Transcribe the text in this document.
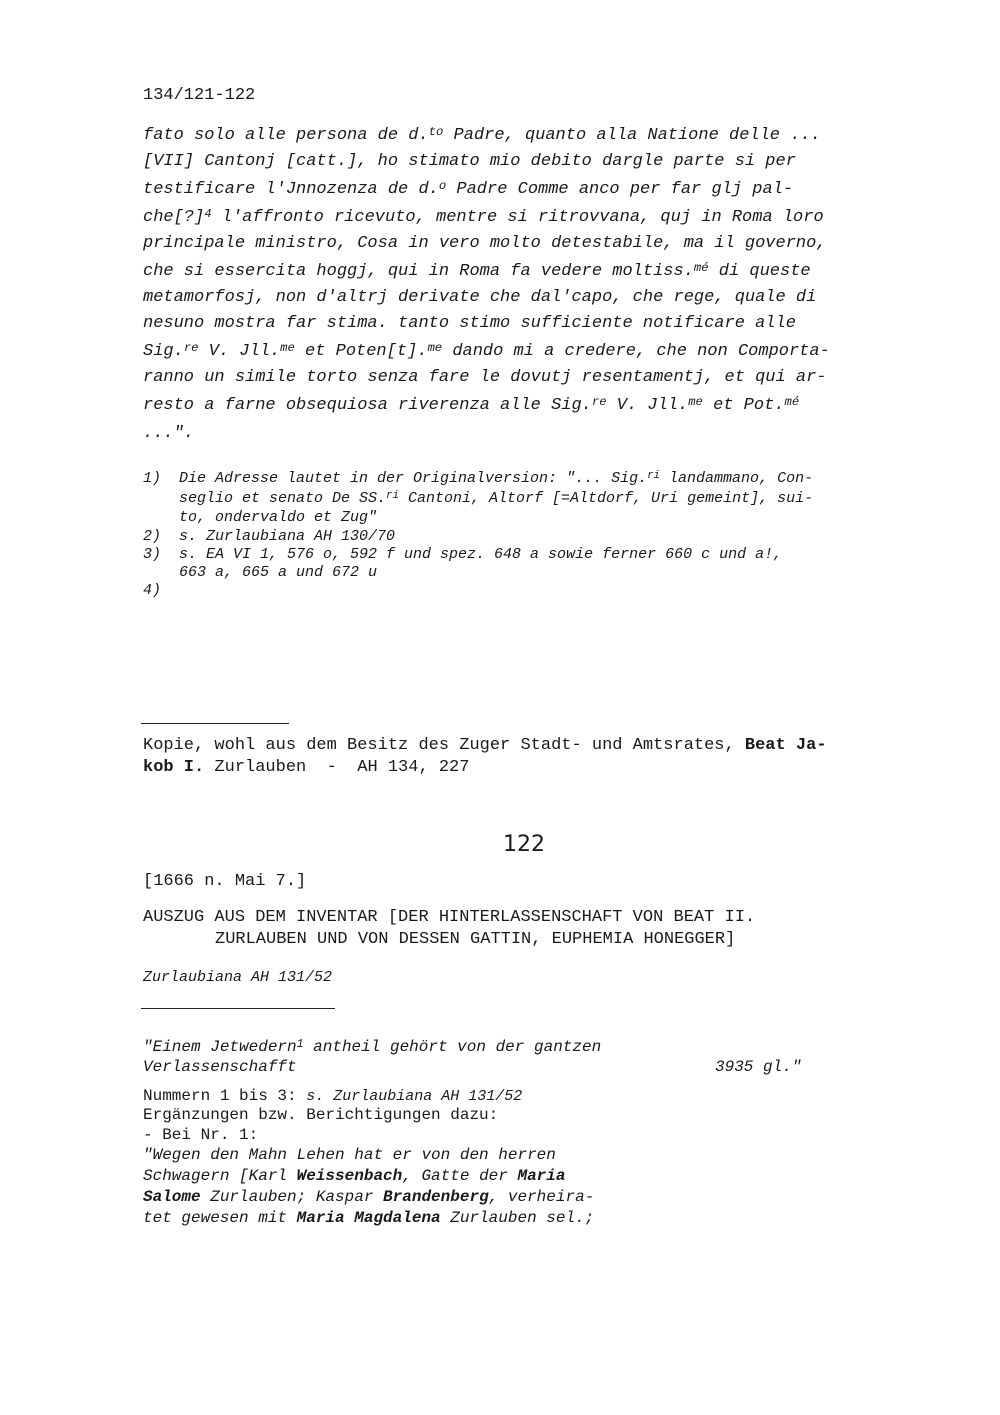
134/121-122
fato solo alle persona de d.$^{to}$ Padre, quanto alla Natione delle ...
[VII] Cantonj [catt.], ho stimato mio debito dargle parte si per
testificare l'Jnnozenza de d.$^o$ Padre Comme anco per far glj pal-
che[?]$^4$ l'affronto ricevuto, mentre si ritrovvana, quj in Roma loro
principale ministro, Cosa in vero molto detestabile, ma il governo,
che si essercita hoggj, qui in Roma fa vedere moltiss.$^{mé}$ di queste
metamorfosj, non d'altrj derivate che dal'capo, che rege, quale di
nesuno mostra far stima. tanto stimo sufficiente notificare alle
Sig.$^{re}$ V. Jll.$^{me}$ et Poten[t].$^{me}$ dando mi a credere, che non Comporta-
ranno un simile torto senza fare le dovutj resentamentj, et qui ar-
resto a farne obsequiosa riverenza alle Sig.$^{re}$ V. Jll.$^{me}$ et Pot.$^{mé}$
...".
1) Die Adresse lautet in der Originalversion: "... Sig.$^{ri}$ landammano, Con-
seglio et senato De SS.$^{ri}$ Cantoni, Altorf [=Altdorf, Uri gemeint], sui-
to, ondervaldo et Zug"
2) s. Zurlaubiana AH 130/70
3) s. EA VI 1, 576 o, 592 f und spez. 648 a sowie ferner 660 c und a!,
663 a, 665 a und 672 u
4)
Kopie, wohl aus dem Besitz des Zuger Stadt- und Amtsrates, Beat Ja-
kob I. Zurlauben  -  AH 134, 227
122
[1666 n. Mai 7.]
AUSZUG AUS DEM INVENTAR [DER HINTERLASSENSCHAFT VON BEAT II.
ZURLAUBEN UND VON DESSEN GATTIN, EUPHEMIA HONEGGER]
Zurlaubiana AH 131/52
"Einem Jetwedern$^1$ antheil gehört von der gantzen
Verlassenschafft	3935 gl."
Nummern 1 bis 3: s. Zurlaubiana AH 131/52
Ergänzungen bzw. Berichtigungen dazu:
- Bei Nr. 1:
"Wegen den Mahn Lehen hat er von den herren
Schwagern [Karl Weissenbach, Gatte der Maria
Salome Zurlauben; Kaspar Brandenberg, verheira-
tet gewesen mit Maria Magdalena Zurlauben sel.;
